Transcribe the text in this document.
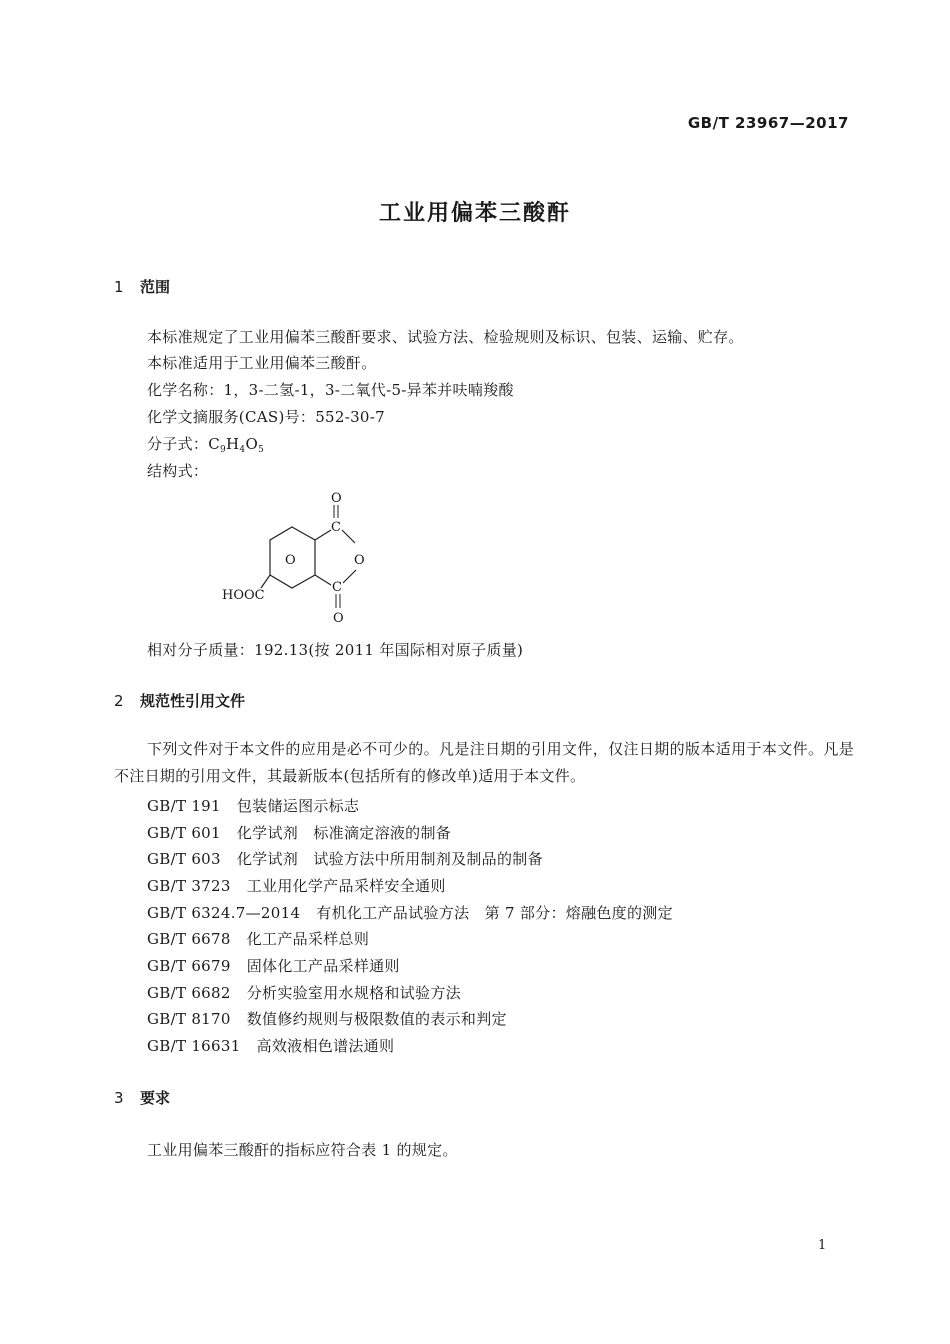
GB/T 23967—2017
工业用偏苯三酸酐
1 范围
本标准规定了工业用偏苯三酸酐要求、试验方法、检验规则及标识、包装、运输、贮存。
本标准适用于工业用偏苯三酸酐。
化学名称：1，3-二氢-1，3-二氧代-5-异苯并呋喃羧酸
化学文摘服务(CAS)号：552-30-7
分子式：$C_9H_4O_5$
结构式：
O
O
C
O
C
O
HOOC
相对分子质量：192.13(按 2011 年国际相对原子质量)
2 规范性引用文件
下列文件对于本文件的应用是必不可少的。凡是注日期的引用文件，仅注日期的版本适用于本文件。凡是不注日期的引用文件，其最新版本(包括所有的修改单)适用于本文件。
GB/T 191 包装储运图示标志
GB/T 601 化学试剂　标准滴定溶液的制备
GB/T 603 化学试剂　试验方法中所用制剂及制品的制备
GB/T 3723 工业用化学产品采样安全通则
GB/T 6324.7—2014 有机化工产品试验方法　第 7 部分：熔融色度的测定
GB/T 6678 化工产品采样总则
GB/T 6679 固体化工产品采样通则
GB/T 6682 分析实验室用水规格和试验方法
GB/T 8170 数值修约规则与极限数值的表示和判定
GB/T 16631 高效液相色谱法通则
3 要求
工业用偏苯三酸酐的指标应符合表 1 的规定。
1
